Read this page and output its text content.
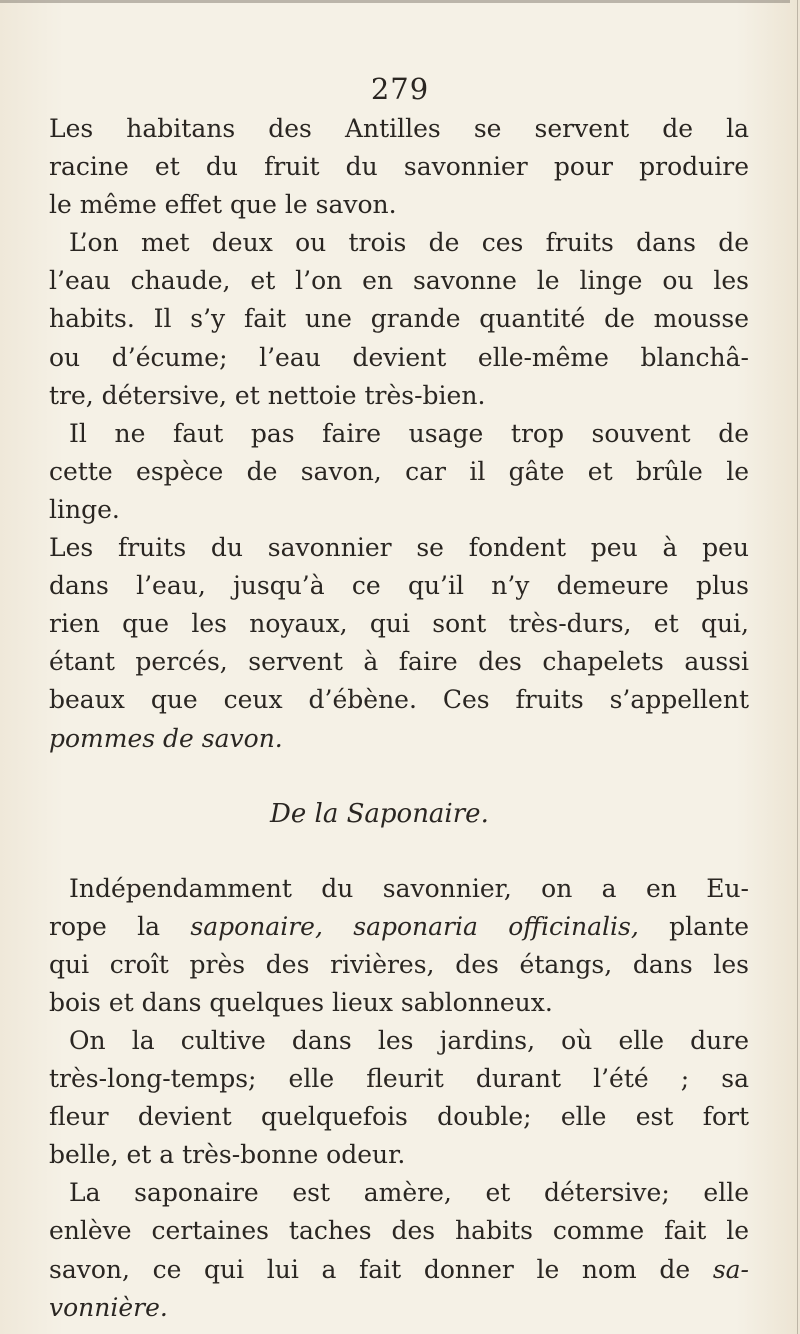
279
Les habitans des Antilles se servent de la
racine et du fruit du savonnier pour produire
le même effet que le savon.
L’on met deux ou trois de ces fruits dans de
l’eau chaude, et l’on en savonne le linge ou les
habits. Il s’y fait une grande quantité de mousse
ou d’écume; l’eau devient elle-même blanchâ-
tre, détersive, et nettoie très-bien.
Il ne faut pas faire usage trop souvent de
cette espèce de savon, car il gâte et brûle le
linge.
Les fruits du savonnier se fondent peu à peu
dans l’eau, jusqu’à ce qu’il n’y demeure plus
rien que les noyaux, qui sont très-durs, et qui,
étant percés, servent à faire des chapelets aussi
beaux que ceux d’ébène. Ces fruits s’appellent
pommes de savon.
De la Saponaire.
Indépendamment du savonnier, on a en Eu-
rope la saponaire, saponaria officinalis, plante
qui croît près des rivières, des étangs, dans les
bois et dans quelques lieux sablonneux.
On la cultive dans les jardins, où elle dure
très-long-temps; elle fleurit durant l’été ; sa
fleur devient quelquefois double; elle est fort
belle, et a très-bonne odeur.
La saponaire est amère, et détersive; elle
enlève certaines taches des habits comme fait le
savon, ce qui lui a fait donner le nom de sa-
vonnière.
